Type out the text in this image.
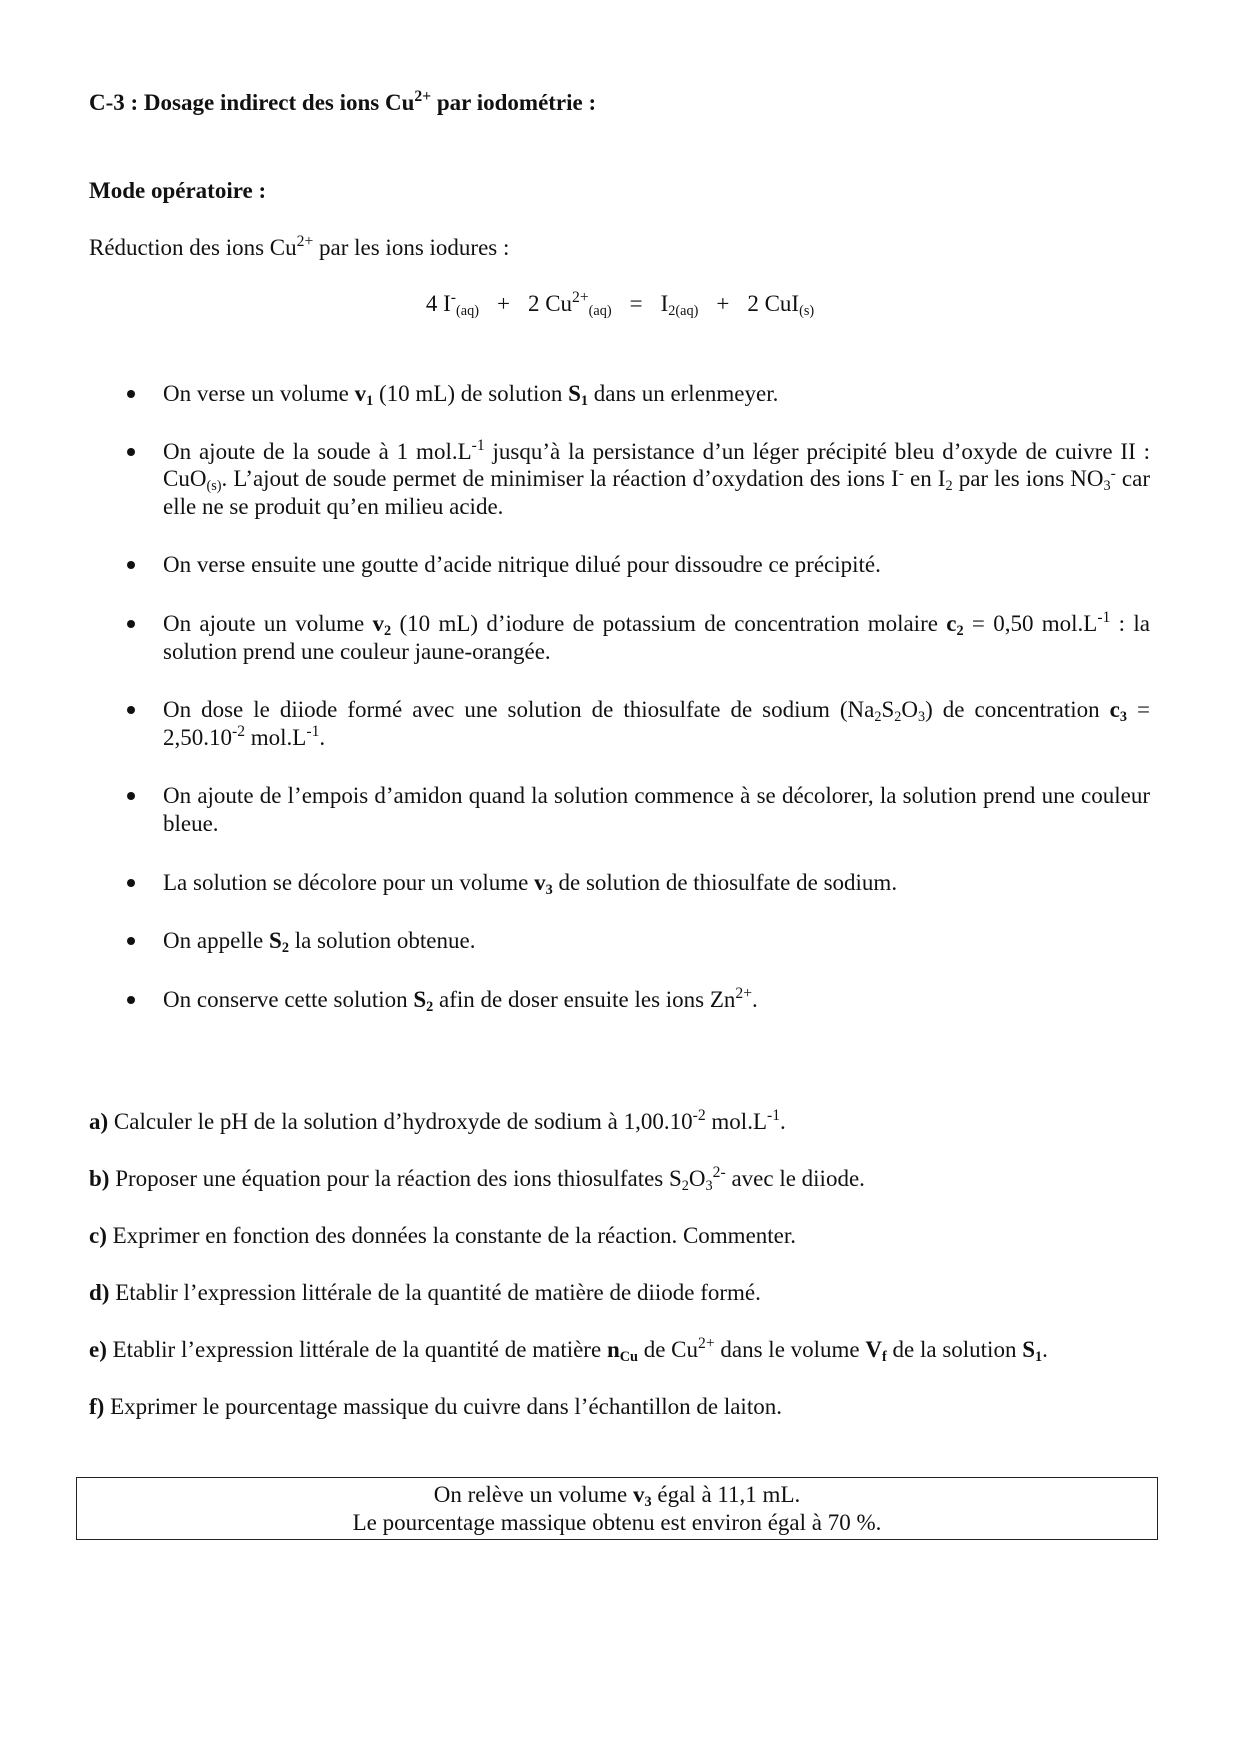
C-3 : Dosage indirect des ions $Cu^{2+}$ par iodométrie :
Mode opératoire :
Réduction des ions $Cu^{2+}$ par les ions iodures :
4 $I^-_{(aq)} + 2$ $Cu^{2+}_{(aq)} = I_{2(aq)} + 2$ CuI$_{(s)}$
On verse un volume $v_1$ (10 mL) de solution $S_1$ dans un erlenmeyer.
On ajoute de la soude à 1 $mol.L^{-1}$ jusqu’à la persistance d’un léger précipité bleu d’oxyde de cuivre II : CuO$_{(s)}$. L’ajout de soude permet de minimiser la réaction d’oxydation des ions I- en $I_2$ par les ions $NO_3^-$ car elle ne se produit qu’en milieu acide.
On verse ensuite une goutte d’acide nitrique dilué pour dissoudre ce précipité.
On ajoute un volume $v_2$ (10 mL) d’iodure de potassium de concentration molaire $c_2 = 0,50$ $mol.L^{-1}$ : la solution prend une couleur jaune-orangée.
On dose le diiode formé avec une solution de thiosulfate de sodium $(Na_2S_2O_3)$ de concentration $c_3 = 2,50.10^{-2}$ $mol.L^{-1}$.
On ajoute de l’empois d’amidon quand la solution commence à se décolorer, la solution prend une couleur bleue.
La solution se décolore pour un volume $v_3$ de solution de thiosulfate de sodium.
On appelle $S_2$ la solution obtenue.
On conserve cette solution $S_2$ afin de doser ensuite les ions $Zn^{2+}$.
a) Calculer le pH de la solution d’hydroxyde de sodium à $1,00.10^{-2}$ $mol.L^{-1}$.
b) Proposer une équation pour la réaction des ions thiosulfates $S_2O_3^{2-}$ avec le diiode.
c) Exprimer en fonction des données la constante de la réaction. Commenter.
d) Etablir l’expression littérale de la quantité de matière de diiode formé.
e) Etablir l’expression littérale de la quantité de matière $n_{Cu}$ de $Cu^{2+}$ dans le volume $V_f$ de la solution $S_1$.
f) Exprimer le pourcentage massique du cuivre dans l’échantillon de laiton.
On relève un volume $v_3$ égal à 11,1 mL.
Le pourcentage massique obtenu est environ égal à 70 %.
